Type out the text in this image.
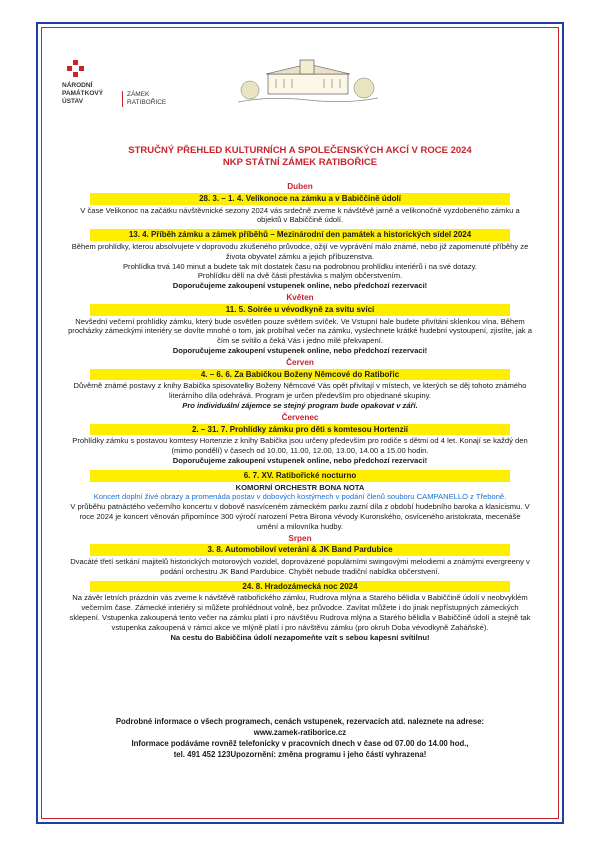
NÁRODNÍ
PAMÁTKOVÝ
ÚSTAV
ZÁMEK
RATIBOŘICE
STRUČNÝ PŘEHLED KULTURNÍCH A SPOLEČENSKÝCH AKCÍ V ROCE 2024
NKP STÁTNÍ ZÁMEK RATIBOŘICE
Duben
28. 3. – 1. 4. Velikonoce na zámku a v Babiččině údolí
V čase Velikonoc na začátku návštěvnické sezony 2024 vás srdečně zveme k návštěvě jarně a velikonočně vyzdobeného zámku a objektů v Babiččině údolí.
13. 4. Příběh zámku a zámek příběhů – Mezinárodní den památek a historických sídel 2024
Během prohlídky, kterou absolvujete v doprovodu zkušeného průvodce, ožijí ve vyprávění málo známé, nebo již zapomenuté příběhy ze života obyvatel zámku a jejich příbuzenstva.
Prohlídka trvá 140 minut a budete tak mít dostatek času na podrobnou prohlídku interiérů i na své dotazy.
Prohlídku dělí na dvě části přestávka s malým občerstvením.
Doporučujeme zakoupení vstupenek online, nebo předchozí rezervaci!
Květen
11. 5. Soirée u vévodkyně za svitu svící
Nevšední večerní prohlídky zámku, který bude osvětlen pouze světlem svíček. Ve Vstupní hale budete přivítáni sklenkou vína. Během procházky zámeckými interiéry se dovíte mnohé o tom, jak probíhal večer na zámku, vyslechnete krátké hudební vystoupení, zjistíte, jak a čím se svítilo a čeká Vás i jedno milé překvapení.
Doporučujeme zakoupení vstupenek online, nebo předchozí rezervaci!
Červen
4. – 6. 6. Za Babičkou Boženy Němcové do Ratibořic
Důvěrně známé postavy z knihy Babička spisovatelky Boženy Němcové Vás opět přivítají v místech, ve kterých se děj tohoto známého literárního díla odehrává. Program je určen především pro objednané skupiny.
Pro individuální zájemce se stejný program bude opakovat v září.
Červenec
2. – 31. 7. Prohlídky zámku pro děti s komtesou Hortenzií
Prohlídky zámku s postavou komtesy Hortenzie z knihy Babička jsou určeny především pro rodiče s dětmi od 4 let. Konají se každý den (mimo pondělí) v časech od 10.00, 11.00, 12.00, 13.00, 14.00 a 15.00 hodin.
Doporučujeme zakoupení vstupenek online, nebo předchozí rezervaci!
6. 7. XV. Ratibořické nocturno
KOMORNÍ ORCHESTR BONA NOTA
Koncert doplní živé obrazy a promenáda postav v dobových kostýmech v podání členů souboru CAMPANELLO z Třeboně.
V průběhu patnáctého večerního koncertu v dobově nasvíceném zámeckém parku zazní díla z období hudebního baroka a klasicismu. V roce 2024 je koncert věnován připomínce 300 výročí narození Petra Birona vévody Kuronského, osvíceného aristokrata, mecenáše umění a milovníka hudby.
Srpen
3. 8. Automobiloví veteráni & JK Band Pardubice
Dvacáté třetí setkání majitelů historických motorových vozidel, doprovázené populárními swingovými melodiemi a známými evergreeny v podání orchestru JK Band Pardubice. Chybět nebude tradiční nabídka občerstvení.
24. 8. Hradozámecká noc 2024
Na závěr letních prázdnin vás zveme k návštěvě ratibořického zámku, Rudrova mlýna a Starého bělidla v Babiččině údolí v neobvyklém večerním čase. Zámecké interiéry si můžete prohlédnout volně, bez průvodce. Zavítat můžete i do jinak nepřístupných zámeckých sklepení. Vstupenka zakoupená tento večer na zámku platí i pro návštěvu Rudrova mlýna a Starého bělidla v Babiččině údolí a stejně tak vstupenka zakoupená v rámci akce ve mlýně platí i pro návštěvu zámku (pro okruh Doba vévodkyně Zaháňské).
Na cestu do Babiččina údolí nezapomeňte vzít s sebou kapesní svítilnu!
Podrobné informace o všech programech, cenách vstupenek, rezervacích atd. naleznete na adrese:
www.zamek-ratiborice.cz
Informace podáváme rovněž telefonicky v pracovních dnech v čase od 07.00 do 14.00 hod.,
tel. 491 452 123Upozornění: změna programu i jeho částí vyhrazena!
